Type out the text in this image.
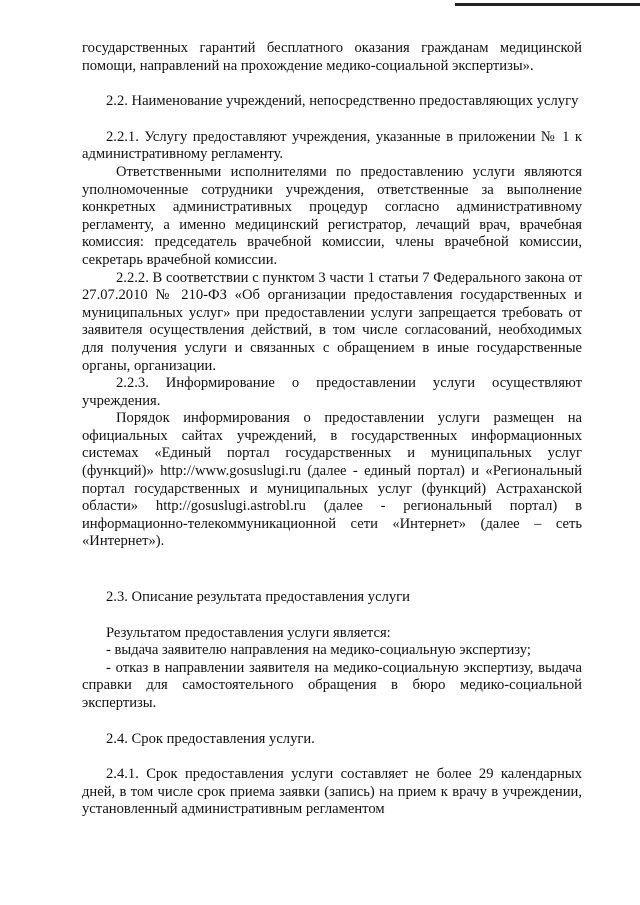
государственных гарантий бесплатного оказания гражданам медицинской помощи, направлений на прохождение медико-социальной экспертизы».

2.2. Наименование учреждений, непосредственно предоставляющих услугу

2.2.1. Услугу предоставляют учреждения, указанные в приложении № 1 к административному регламенту.

Ответственными исполнителями по предоставлению услуги являются уполномоченные сотрудники учреждения, ответственные за выполнение конкретных административных процедур согласно административному регламенту, а именно медицинский регистратор, лечащий врач, врачебная комиссия: председатель врачебной комиссии, члены врачебной комиссии, секретарь врачебной комиссии.

2.2.2. В соответствии с пунктом 3 части 1 статьи 7 Федерального закона от 27.07.2010 № 210-ФЗ «Об организации предоставления государственных и муниципальных услуг» при предоставлении услуги запрещается требовать от заявителя осуществления действий, в том числе согласований, необходимых для получения услуги и связанных с обращением в иные государственные органы, организации.

2.2.3. Информирование о предоставлении услуги осуществляют учреждения.

Порядок информирования о предоставлении услуги размещен на официальных сайтах учреждений, в государственных информационных системах «Единый портал государственных и муниципальных услуг (функций)» http://www.gosuslugi.ru (далее - единый портал) и «Региональный портал государственных и муниципальных услуг (функций) Астраханской области» http://gosuslugi.astrobl.ru (далее - региональный портал) в информационно-телекоммуникационной сети «Интернет» (далее – сеть «Интернет»).

2.3. Описание результата предоставления услуги

Результатом предоставления услуги является:

- выдача заявителю направления на медико-социальную экспертизу;

- отказ в направлении заявителя на медико-социальную экспертизу, выдача справки для самостоятельного обращения в бюро медико-социальной экспертизы.

2.4. Срок предоставления услуги.

2.4.1. Срок предоставления услуги составляет не более 29 календарных дней, в том числе срок приема заявки (запись) на прием к врачу в учреждении, установленный административным регламентом
